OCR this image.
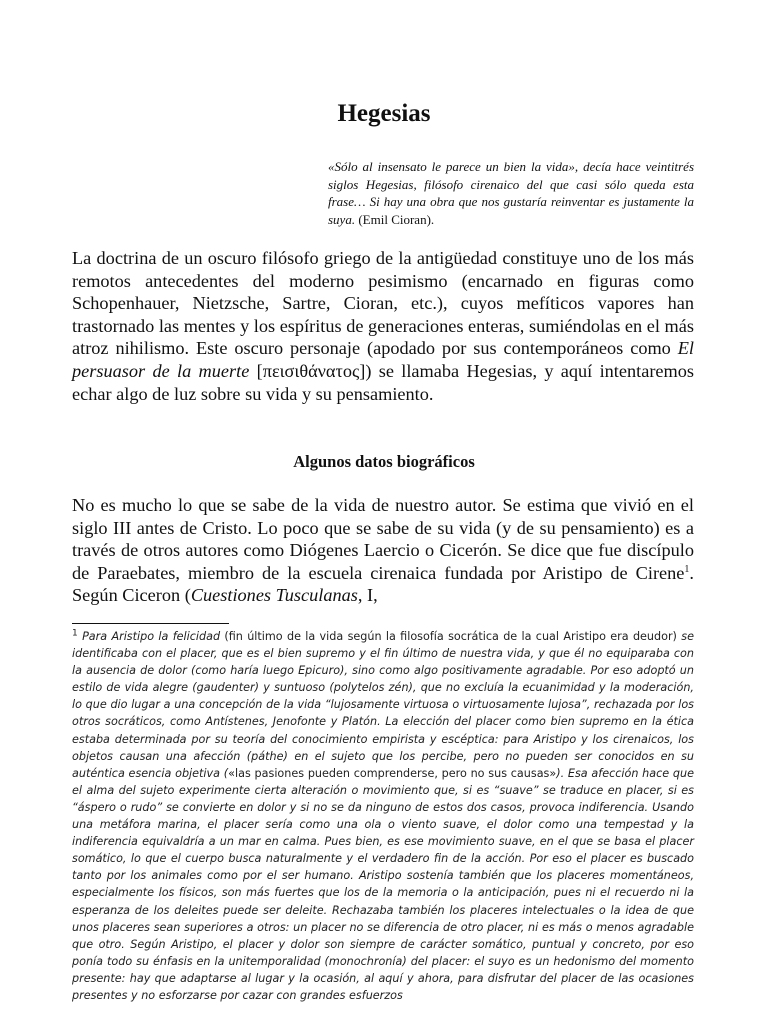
Hegesias
«Sólo al insensato le parece un bien la vida», decía hace veintitrés siglos Hegesias, filósofo cirenaico del que casi sólo queda esta frase… Si hay una obra que nos gustaría reinventar es justamente la suya. (Emil Cioran).

La doctrina de un oscuro filósofo griego de la antigüedad constituye uno de los más remotos antecedentes del moderno pesimismo (encarnado en figuras como Schopenhauer, Nietzsche, Sartre, Cioran, etc.), cuyos mefíticos vapores han trastornado las mentes y los espíritus de generaciones enteras, sumiéndolas en el más atroz nihilismo. Este oscuro personaje (apodado por sus contemporáneos como El persuasor de la muerte [πεισιθάνατος]) se llamaba Hegesias, y aquí intentaremos echar algo de luz sobre su vida y su pensamiento.

Algunos datos biográficos

No es mucho lo que se sabe de la vida de nuestro autor. Se estima que vivió en el siglo III antes de Cristo. Lo poco que se sabe de su vida (y de su pensamiento) es a través de otros autores como Diógenes Laercio o Cicerón. Se dice que fue discípulo de Paraebates, miembro de la escuela cirenaica fundada por Aristipo de Cirene$^1$. Según Ciceron (Cuestiones Tusculanas, I,

$^1$ Para Aristipo la felicidad (fin último de la vida según la filosofía socrática de la cual Aristipo era deudor) se identificaba con el placer, que es el bien supremo y el fin último de nuestra vida, y que él no equiparaba con la ausencia de dolor (como haría luego Epicuro), sino como algo positivamente agradable. Por eso adoptó un estilo de vida alegre (gaudenter) y suntuoso (polytelos zén), que no excluía la ecuanimidad y la moderación, lo que dio lugar a una concepción de la vida “lujosamente virtuosa o virtuosamente lujosa”, rechazada por los otros socráticos, como Antístenes, Jenofonte y Platón. La elección del placer como bien supremo en la ética estaba determinada por su teoría del conocimiento empirista y escéptica: para Aristipo y los cirenaicos, los objetos causan una afección (páthe) en el sujeto que los percibe, pero no pueden ser conocidos en su auténtica esencia objetiva («las pasiones pueden comprenderse, pero no sus causas»). Esa afección hace que el alma del sujeto experimente cierta alteración o movimiento que, si es “suave” se traduce en placer, si es “áspero o rudo” se convierte en dolor y si no se da ninguno de estos dos casos, provoca indiferencia. Usando una metáfora marina, el placer sería como una ola o viento suave, el dolor como una tempestad y la indiferencia equivaldría a un mar en calma. Pues bien, es ese movimiento suave, en el que se basa el placer somático, lo que el cuerpo busca naturalmente y el verdadero fin de la acción. Por eso el placer es buscado tanto por los animales como por el ser humano. Aristipo sostenía también que los placeres momentáneos, especialmente los físicos, son más fuertes que los de la memoria o la anticipación, pues ni el recuerdo ni la esperanza de los deleites puede ser deleite. Rechazaba también los placeres intelectuales o la idea de que unos placeres sean superiores a otros: un placer no se diferencia de otro placer, ni es más o menos agradable que otro. Según Aristipo, el placer y dolor son siempre de carácter somático, puntual y concreto, por eso ponía todo su énfasis en la unitemporalidad (monochronía) del placer: el suyo es un hedonismo del momento presente: hay que adaptarse al lugar y la ocasión, al aquí y ahora, para disfrutar del placer de las ocasiones presentes y no esforzarse por cazar con grandes esfuerzos
